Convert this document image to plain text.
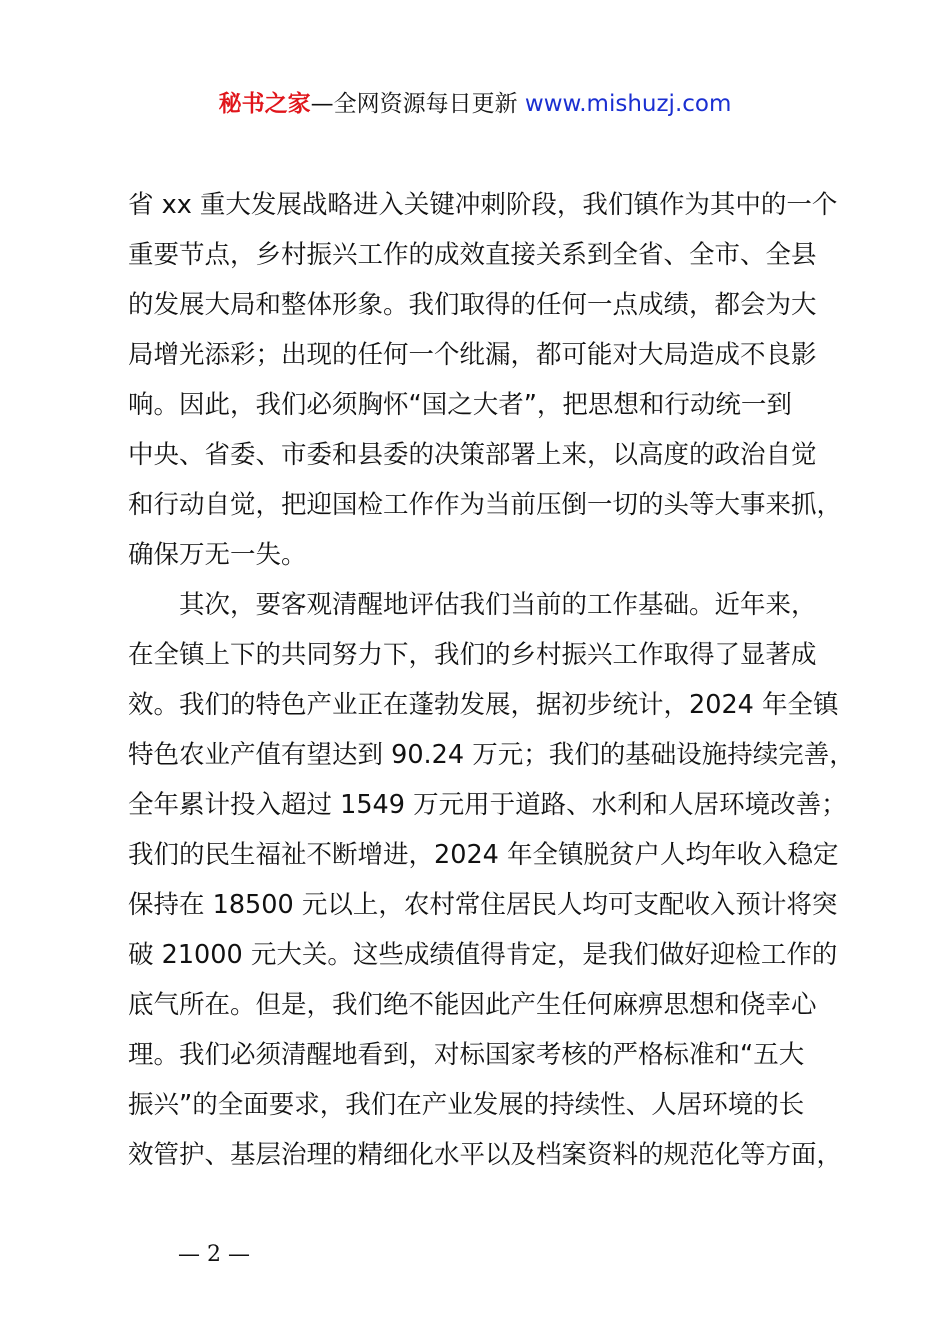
秘书之家—全网资源每日更新 www.mishuzj.com
省 xx 重大发展战略进入关键冲刺阶段，我们镇作为其中的一个
重要节点，乡村振兴工作的成效直接关系到全省、全市、全县
的发展大局和整体形象。我们取得的任何一点成绩，都会为大
局增光添彩；出现的任何一个纰漏，都可能对大局造成不良影
响。因此，我们必须胸怀“国之大者”，把思想和行动统一到
中央、省委、市委和县委的决策部署上来，以高度的政治自觉
和行动自觉，把迎国检工作作为当前压倒一切的头等大事来抓，
确保万无一失。
其次，要客观清醒地评估我们当前的工作基础。近年来，
在全镇上下的共同努力下，我们的乡村振兴工作取得了显著成
效。我们的特色产业正在蓬勃发展，据初步统计，2024 年全镇
特色农业产值有望达到 90.24 万元；我们的基础设施持续完善，
全年累计投入超过 1549 万元用于道路、水利和人居环境改善；
我们的民生福祉不断增进，2024 年全镇脱贫户人均年收入稳定
保持在 18500 元以上，农村常住居民人均可支配收入预计将突
破 21000 元大关。这些成绩值得肯定，是我们做好迎检工作的
底气所在。但是，我们绝不能因此产生任何麻痹思想和侥幸心
理。我们必须清醒地看到，对标国家考核的严格标准和“五大
振兴”的全面要求，我们在产业发展的持续性、人居环境的长
效管护、基层治理的精细化水平以及档案资料的规范化等方面，
— 2 —
